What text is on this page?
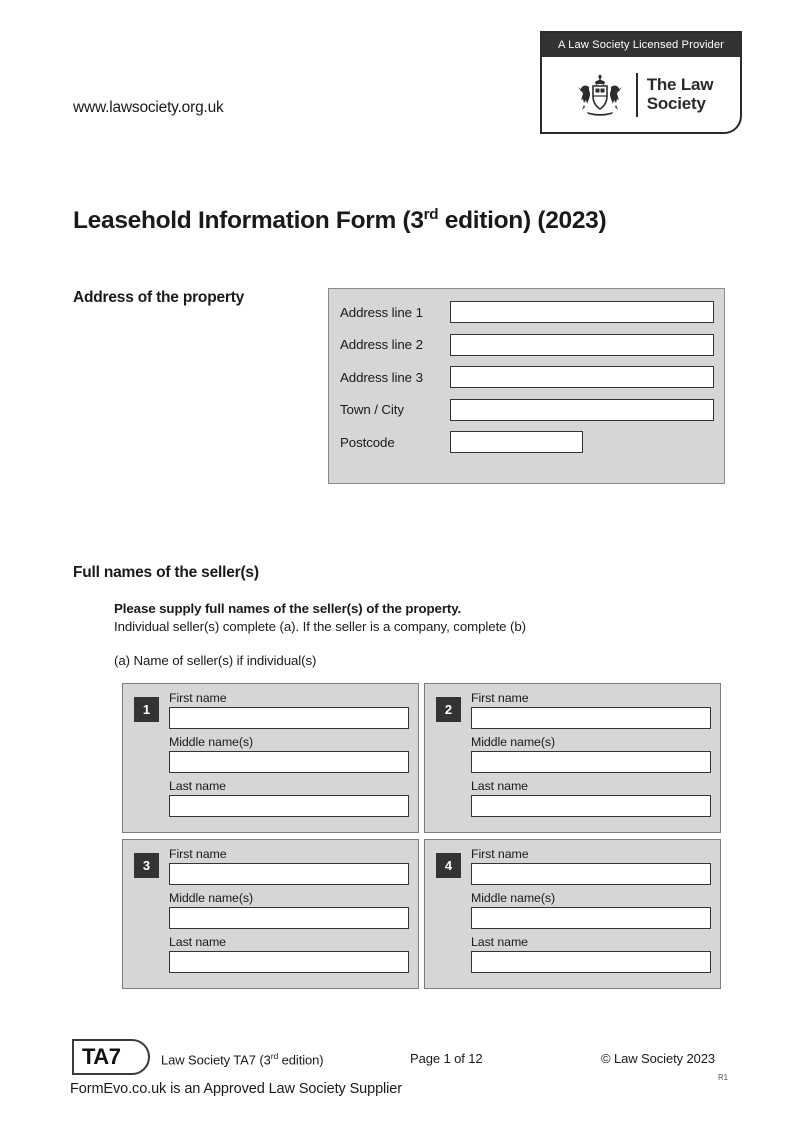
www.lawsociety.org.uk
A Law Society Licensed Provider
The Law
Society
Leasehold Information Form (3rd edition) (2023)
Address of the property
Address line 1
Address line 2
Address line 3
Town / City
Postcode
Full names of the seller(s)
Please supply full names of the seller(s) of the property.
Individual seller(s) complete (a). If the seller is a company, complete (b)
(a) Name of seller(s) if individual(s)
1
First name
Middle name(s)
Last name
2
First name
Middle name(s)
Last name
3
First name
Middle name(s)
Last name
4
First name
Middle name(s)
Last name
TA7	Law Society TA7 (3rd edition)	Page 1 of 12	© Law Society 2023
FormEvo.co.uk is an Approved Law Society Supplier
R1
